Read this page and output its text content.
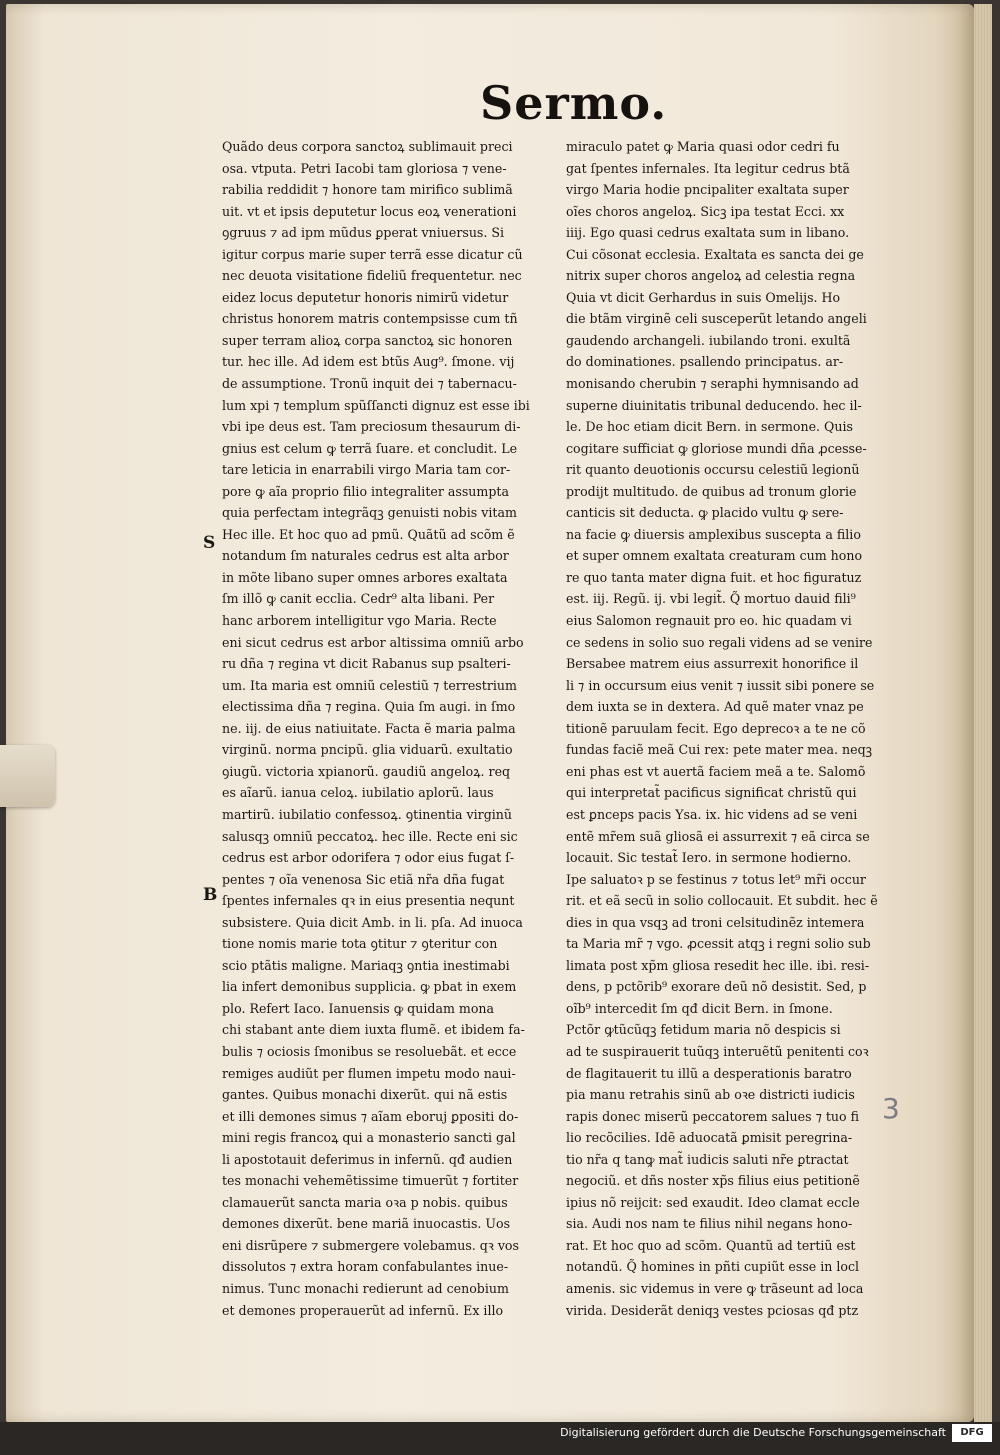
Sermo.
Quãdo deus corpora sanctoꝝ sublimauit preci
osa. vtputa. Petri Iacobi tam gloriosa ⁊ vene-
rabilia reddidit ⁊ honore tam mirifico sublimã
uit. vt et ipsis deputetur locus eoꝝ venerationi
ꝯgruus ⁊ ad ipm mũdus ꝑperat vniuersus. Si
igitur corpus marie super terrã esse dicatur cũ
nec deuota visitatione fideliũ frequentetur. nec
eidez locus deputetur honoris nimirũ videtur
christus honorem matris contempsisse cum tñ
super terram alioꝝ corpa sanctoꝝ sic honoren
tur. hec ille. Ad idem est btũs Aug⁹. ſmone. vij
de assumptione. Tronũ inquit dei ⁊ tabernacu-
lum xpi ⁊ templum spũſſancti dignuz est esse ibi
vbi ipe deus est. Tam preciosum thesaurum di-
gnius est celum ꝙ terrã ſuare. et concludit. Le
tare leticia in enarrabili virgo Maria tam cor-
pore ꝙ aĩa proprio filio integraliter assumpta
quia perfectam integrãqꝫ genuisti nobis vitam
Hec ille. Et hoc quo ad pmũ. Quãtũ ad scõm ẽ
notandum ſm naturales cedrus est alta arbor
in mõte libano super omnes arbores exaltata
ſm illõ ꝙ canit ecclia. Cedr⁹ alta libani. Per
hanc arborem intelligitur vgo Maria. Recte
eni sicut cedrus est arbor altissima omniũ arbo
ru dña ⁊ regina vt dicit Rabanus sup psalteri-
um. Ita maria est omniũ celestiũ ⁊ terrestrium
electissima dña ⁊ regina. Quia ſm augi. in ſmo
ne. iij. de eius natiuitate. Facta ẽ maria palma
virginũ. norma pncipũ. glia viduarũ. exultatio
ꝯiugũ. victoria xpianorũ. gaudiũ angeloꝝ. req
es aĩarũ. ianua celoꝝ. iubilatio aplorũ. laus
martirũ. iubilatio confessoꝝ. ꝯtinentia virginũ
salusqꝫ omniũ peccatoꝝ. hec ille. Recte eni sic
cedrus est arbor odorifera ⁊ odor eius fugat ſ-
pentes ⁊ oĩa venenosa Sic etiã nr̃a dña fugat
ſpentes infernales qꝛ in eius presentia nequnt
subsistere. Quia dicit Amb. in li. pſa. Ad inuoca
tione nomis marie tota ꝯtitur ⁊ ꝯteritur con
scio ptãtis maligne. Mariaqꝫ ꝯntia inestimabi
lia infert demonibus supplicia. ꝙ pbat in exem
plo. Refert Iaco. Ianuensis ꝙ quidam mona
chi stabant ante diem iuxta flumẽ. et ibidem fa-
bulis ⁊ ociosis ſmonibus se resoluebãt. et ecce
remiges audiũt per flumen impetu modo naui-
gantes. Quibus monachi dixerũt. qui nã estis
et illi demones simus ⁊ aĩam eboruj ꝑpositi do-
mini regis francoꝝ qui a monasterio sancti gal
li apostotauit deferimus in infernũ. qđ audien
tes monachi vehemẽtissime timuerũt ⁊ fortiter
clamauerũt sancta maria oꝛa p nobis. quibus
demones dixerũt. bene mariã inuocastis. Uos
eni disrũpere ⁊ submergere volebamus. qꝛ vos
dissolutos ⁊ extra horam confabulantes inue-
nimus. Tunc monachi redierunt ad cenobium
et demones properauerũt ad infernũ. Ex illo
miraculo patet ꝙ Maria quasi odor cedri fu
gat ſpentes infernales. Ita legitur cedrus btã
virgo Maria hodie pncipaliter exaltata super
oĩes choros angeloꝝ. Sicꝫ ipa testat Ecci. xx
iiij. Ego quasi cedrus exaltata sum in libano.
Cui cõsonat ecclesia. Exaltata es sancta dei ge
nitrix super choros angeloꝝ ad celestia regna
Quia vt dicit Gerhardus in suis Omelijs. Ho
die btãm virginẽ celi susceperũt letando angeli
gaudendo archangeli. iubilando troni. exultã
do dominationes. psallendo principatus. ar-
monisando cherubin ⁊ seraphi hymnisando ad
superne diuinitatis tribunal deducendo. hec il-
le. De hoc etiam dicit Bern. in sermone. Quis
cogitare sufficiat ꝙ gloriose mundi dña ꝓcesse-
rit quanto deuotionis occursu celestiũ legionũ
prodijt multitudo. de quibus ad tronum glorie
canticis sit deducta. ꝙ placido vultu ꝙ sere-
na facie ꝙ diuersis amplexibus suscepta a filio
et super omnem exaltata creaturam cum hono
re quo tanta mater digna fuit. et hoc figuratuz
est. iij. Regũ. ij. vbi legit̃. Q̃ mortuo dauid fili⁹
eius Salomon regnauit pro eo. hic quadam vi
ce sedens in solio suo regali videns ad se venire
Bersabee matrem eius assurrexit honorifice il
li ⁊ in occursum eius venit ⁊ iussit sibi ponere se
dem iuxta se in dextera. Ad quẽ mater vnaz pe
titionẽ paruulam fecit. Ego deprecoꝛ a te ne cõ
fundas faciẽ meã Cui rex: pete mater mea. neqꝫ
eni phas est vt auertã faciem meã a te. Salomõ
qui interpretat̃ pacificus significat christũ qui
est ꝑnceps pacis Ysa. ix. hic videns ad se veni
entẽ mr̃em suã gliosã ei assurrexit ⁊ eã circa se
locauit. Sic testat̃ Iero. in sermone hodierno.
Ipe saluatoꝛ p se festinus ⁊ totus let⁹ mr̃i occur
rit. et eã secũ in solio collocauit. Et subdit. hec ẽ
dies in qua vsqꝫ ad troni celsitudinẽz intemera
ta Maria mr̃ ⁊ vgo. ꝓcessit atqꝫ i regni solio sub
limata post xp̃m gliosa resedit hec ille. ibi. resi-
dens, p pctõrib⁹ exorare deũ nõ desistit. Sed, p
oĩb⁹ intercedit ſm qđ dicit Bern. in ſmone.
Pctõr ꝙtũcũqꝫ fetidum maria nõ despicis si
ad te suspirauerit tuũqꝫ interuẽtũ penitenti coꝛ
de flagitauerit tu illũ a desperationis baratro
pia manu retrahis sinũ ab oꝛe districti iudicis
rapis donec miserũ peccatorem salues ⁊ tuo fi
lio recõcilies. Idẽ aduocatã ꝑmisit peregrina-
tio nr̃a q tanꝙ mat̃ iudicis saluti nr̃e ꝑtractat
negociũ. et dñs noster xp̃s filius eius petitionẽ
ipius nõ reijcit: sed exaudit. Ideo clamat eccle
sia. Audi nos nam te filius nihil negans hono-
rat. Et hoc quo ad scõm. Quantũ ad tertiũ est
notandũ. Q̃ homines in pñti cupiũt esse in locl
amenis. sic videmus in vere ꝙ trãseunt ad loca
virida. Desiderãt deniqꝫ vestes pciosas qđ ptz
S
B
3
Digitalisierung gefördert durch die Deutsche Forschungsgemeinschaft	DFG
